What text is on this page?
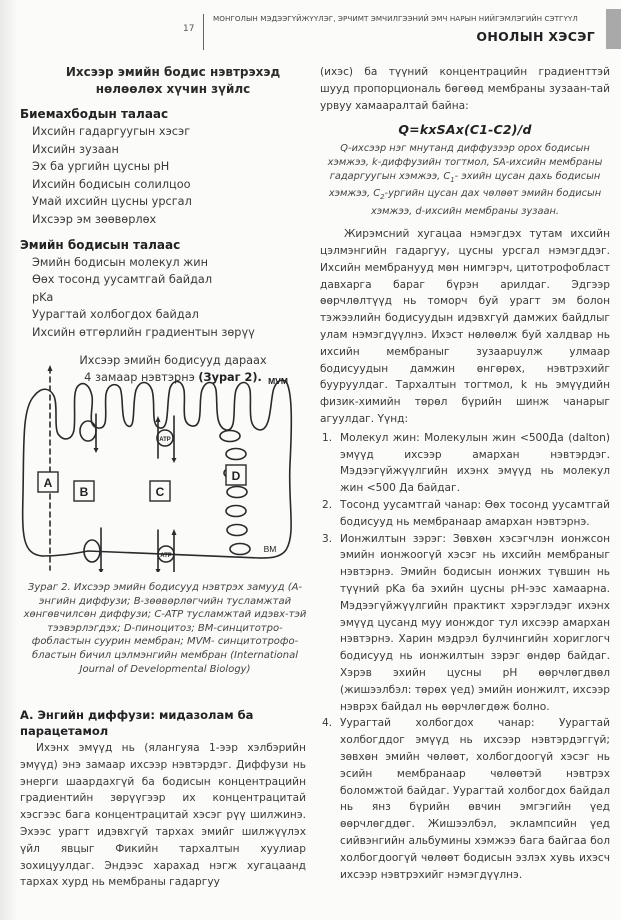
17
МОНГОЛЫН МЭДЭЭГҮЙЖҮҮЛЭГ, ЭРЧИМТ ЭМЧИЛГЭЭНИЙ ЭМЧ НАРЫН НИЙГЭМЛЭГИЙН СЭТГҮҮЛ
ОНОЛЫН ХЭСЭГ
Ихсээр эмийн бодис нэвтрэхэд
нөлөөлөх хүчин зүйлс
Биемахбодын талаас
Ихсийн гадаргуугын хэсэг
Ихсийн зузаан
Эх ба ургийн цусны pH
Ихсийн бодисын солилцоо
Умай ихсийн цусны урсгал
Ихсээр эм зөөвөрлөх
Эмийн бодисын талаас
Эмийн бодисын молекул жин
Өөх тосонд уусамтгай байдал
pKa
Уурагтай холбогдох байдал
Ихсийн өтгөрлийн градиентын зөрүү
Ихсээр эмийн бодисууд дараах
4 замаар нэвтэрнэ (Зураг 2).
A
B	C
D
ATP
ATP
MVM
BM
Зураг 2. Ихсээр эмийн бодисууд нэвтрэх замууд (A-энгийн диффузи; B-зөөвөрлөгчийн тусламжтай хөнгөвчилсөн диффузи; C-ATP тусламжтай идэвх-тэй тээвэрлэгдэх; D-пиноцитоз; BM-синцитотро-фобластын суурин мембран; MVM- синцитотрофо-бластын бичил цэлмэнгийн мембран (International Journal of Developmental Biology)
A. Энгийн диффузи: мидазолам ба парацетамол

Ихэнх эмүүд нь (ялангуяа 1-ээр хэлбэрийн эмүүд) энэ замаар ихсээр нэвтэрдэг. Диффузи нь энерги шаардахгүй ба бодисын концентрацийн градиентийн зөрүүгээр их концентрацитай хэсгээс бага концентрацитай хэсэг рүү шилжинэ. Эхээс урагт идэвхгүй тархах эмийг шилжүүлэх үйл явцыг Фикийн тархалтын хуулиар зохицуулдаг. Эндээс харахад нэгж хугацаанд тархах хурд нь мембраны гадаргуу

(ихэс) ба түүний концентрацийн градиенттэй шууд пропорциональ бөгөөд мембраны зузаан-тай урвуу хамааралтай байна:

Q=kxSAx(C1-C2)/d

Q-ихсээр нэг мнутанд диффузээр орох бодисын хэмжээ, k-диффузийн тогтмол, SA-ихсийн мембраны гадаргуугын хэмжээ, $C_1-$ эхийн цусан дахь бодисын хэмжээ, $C_2$-ургийн цусан дах чөлөөт эмийн бодисын хэмжээ, d-ихсийн мембраны зузаан.

Жирэмсний хугацаа нэмэгдэх тутам ихсийн цэлмэнгийн гадаргуу, цусны урсгал нэмэгддэг. Ихсийн мембранууд мөн нимгэрч, цитотрофобласт давхарга бараг бүрэн арилдаг. Эдгээр өөрчлөлтүүд нь томорч буй урагт эм болон тэжээлийн бодисуудын идэвхгүй дамжих байдлыг улам нэмэгдүүлнэ. Ихэст нөлөөлж буй халдвар нь ихсийн мембраныг зузаарuулж улмаар бодисуудын дамжин өнгөрөх, нэвтрэхийг бууруулдаг. Тархалтын тогтмол, k нь эмүүдийн физик-химийн төрөл бүрийн шинж чанарыг агуулдаг. Үүнд:

1. Молекул жин: Молекулын жин <500Да (dalton) эмүүд ихсээр амархан нэвтэрдэг. Мэдээгүйжүүлгийн ихэнх эмүүд нь молекул жин <500 Да байдаг.
2. Тосонд уусамтгай чанар: Өөх тосонд уусамтгай бодисууд нь мембранаар амархан нэвтэрнэ.
3. Ионжилтын зэрэг: Зөвхөн хэсэгчлэн ионжсон эмийн ионжоогүй хэсэг нь ихсийн мембраныг нэвтэрнэ. Эмийн бодисын ионжих түвшин нь түүний pKa ба эхийн цусны pH-ээс хамаарна. Мэдээгүйжүүлгийн практикт хэрэглэдэг ихэнх эмүүд цусанд муу ионждог тул ихсээр амархан нэвтэрнэ. Харин мэдрэл булчингийн хориглогч бодисууд нь ионжилтын зэрэг өндөр байдаг. Хэрэв эхийн цусны pH өөрчлөгдвөл (жишээлбэл: төрөх үед) эмийн ионжилт, ихсээр нэврэх байдал нь өөрчлөгдөж болно.
4. Уурагтай холбогдох чанар: Уурагтай холбогддог эмүүд нь ихсээр нэвтэрдэггүй; зөвхөн эмийн чөлөөт, холбогдоогүй хэсэг нь эсийн мембранаар чөлөөтэй нэвтрэх боломжтой байдаг. Уурагтай холбогдох байдал нь янз бүрийн өвчин эмгэгийн үед өөрчлөгддөг. Жишээлбэл, эклампсийн үед сийвэнгийн альбумины хэмжээ бага байгаа бол холбогдоогүй чөлөөт бодисын эзлэх хувь ихэсч ихсээр нэвтрэхийг нэмэгдүүлнэ.
